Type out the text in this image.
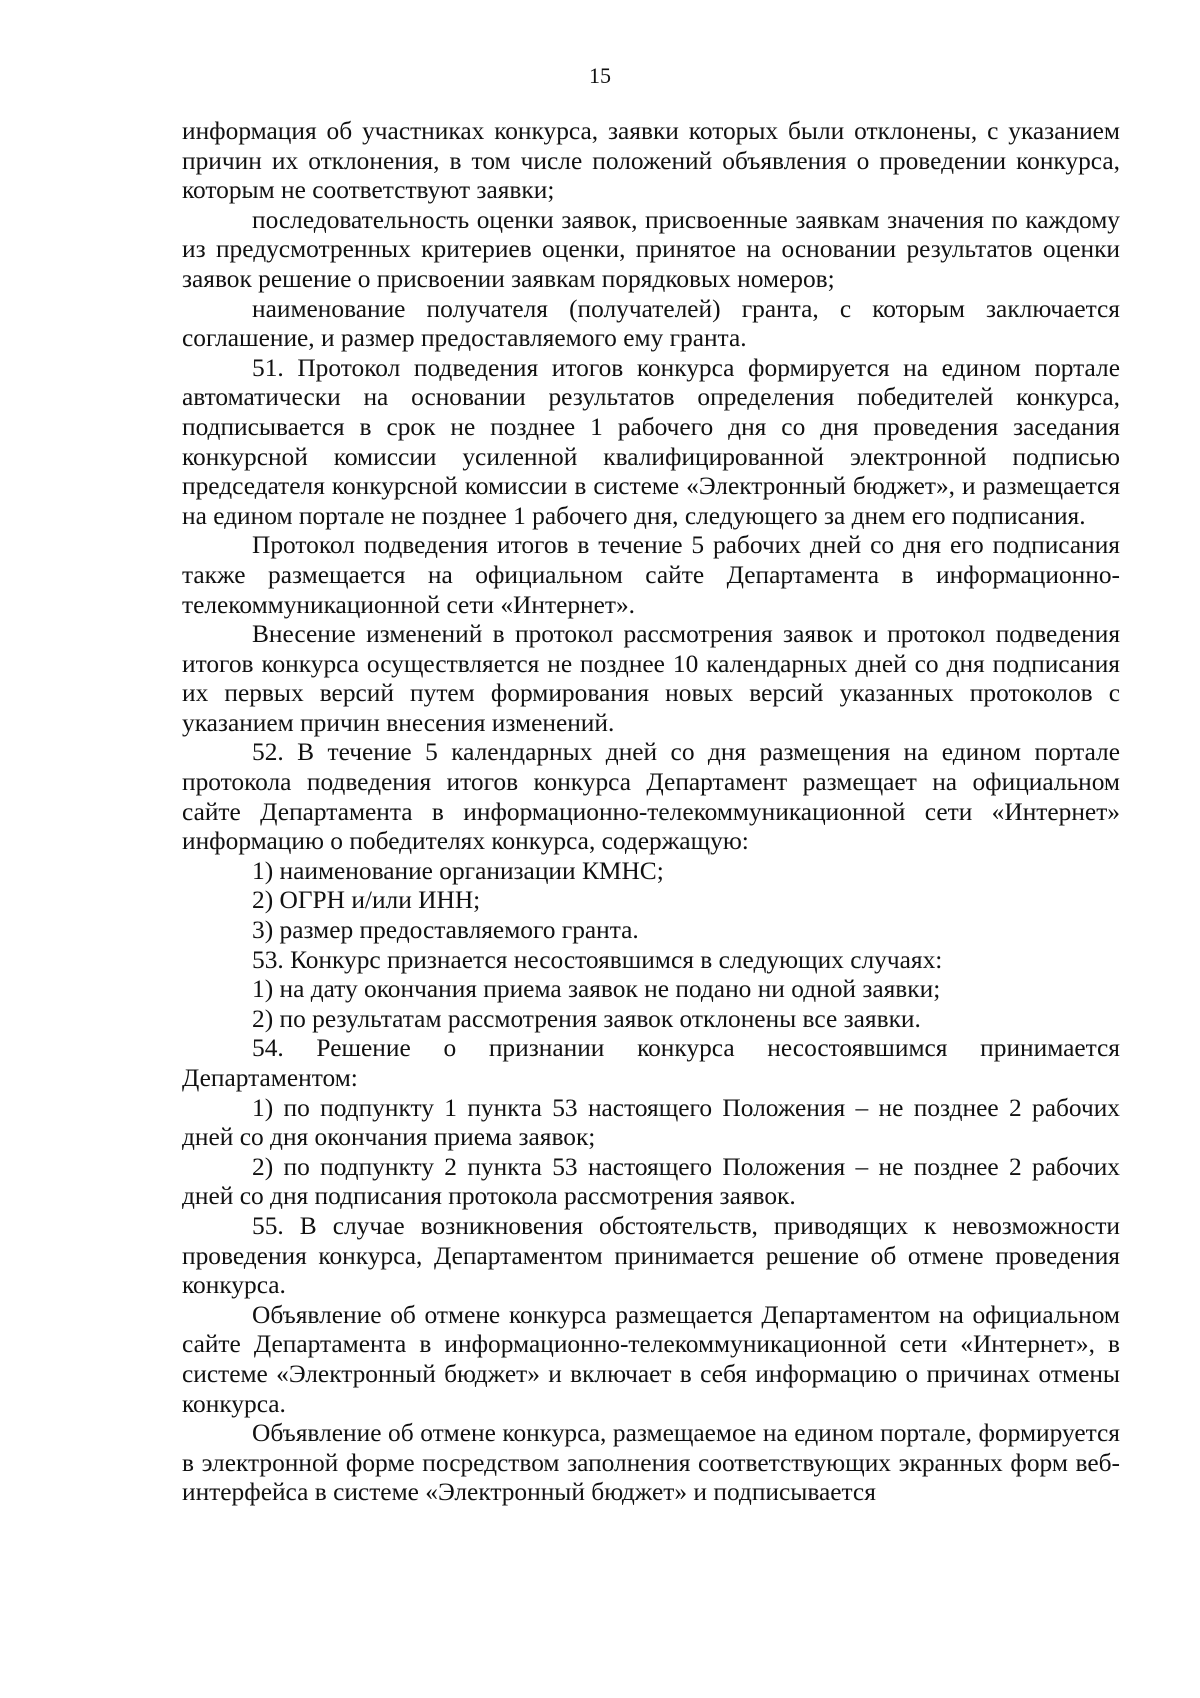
15

информация об участниках конкурса, заявки которых были отклонены, с указанием причин их отклонения, в том числе положений объявления о проведении конкурса, которым не соответствуют заявки;

последовательность оценки заявок, присвоенные заявкам значения по каждому из предусмотренных критериев оценки, принятое на основании результатов оценки заявок решение о присвоении заявкам порядковых номеров;

наименование получателя (получателей) гранта, с которым заключается соглашение, и размер предоставляемого ему гранта.

51. Протокол подведения итогов конкурса формируется на едином портале автоматически на основании результатов определения победителей конкурса, подписывается в срок не позднее 1 рабочего дня со дня проведения заседания конкурсной комиссии усиленной квалифицированной электронной подписью председателя конкурсной комиссии в системе «Электронный бюджет», и размещается на едином портале не позднее 1 рабочего дня, следующего за днем его подписания.

Протокол подведения итогов в течение 5 рабочих дней со дня его подписания также размещается на официальном сайте Департамента в информационно-телекоммуникационной сети «Интернет».

Внесение изменений в протокол рассмотрения заявок и протокол подведения итогов конкурса осуществляется не позднее 10 календарных дней со дня подписания их первых версий путем формирования новых версий указанных протоколов с указанием причин внесения изменений.

52. В течение 5 календарных дней со дня размещения на едином портале протокола подведения итогов конкурса Департамент размещает на официальном сайте Департамента в информационно-телекоммуникационной сети «Интернет» информацию о победителях конкурса, содержащую:

1) наименование организации КМНС;

2) ОГРН и/или ИНН;

3) размер предоставляемого гранта.

53. Конкурс признается несостоявшимся в следующих случаях:

1) на дату окончания приема заявок не подано ни одной заявки;

2) по результатам рассмотрения заявок отклонены все заявки.

54. Решение о признании конкурса несостоявшимся принимается Департаментом:

1) по подпункту 1 пункта 53 настоящего Положения – не позднее 2 рабочих дней со дня окончания приема заявок;

2) по подпункту 2 пункта 53 настоящего Положения – не позднее 2 рабочих дней со дня подписания протокола рассмотрения заявок.

55. В случае возникновения обстоятельств, приводящих к невозможности проведения конкурса, Департаментом принимается решение об отмене проведения конкурса.

Объявление об отмене конкурса размещается Департаментом на официальном сайте Департамента в информационно-телекоммуникационной сети «Интернет», в системе «Электронный бюджет» и включает в себя информацию о причинах отмены конкурса.

Объявление об отмене конкурса, размещаемое на едином портале, формируется в электронной форме посредством заполнения соответствующих экранных форм веб-интерфейса в системе «Электронный бюджет» и подписывается
